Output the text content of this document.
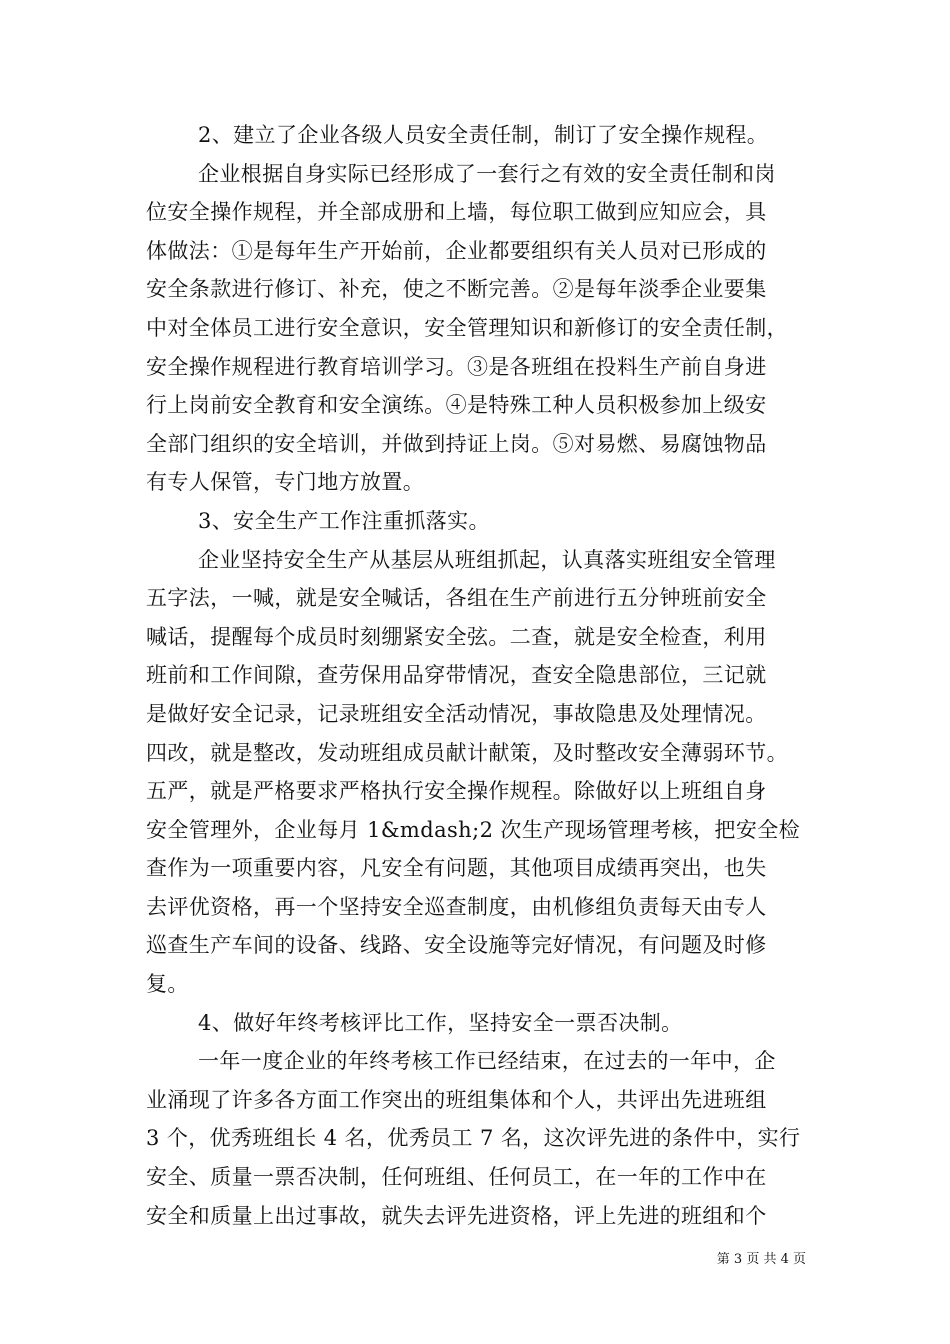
2、建立了企业各级人员安全责任制，制订了安全操作规程。
企业根据自身实际已经形成了一套行之有效的安全责任制和岗
位安全操作规程，并全部成册和上墙，每位职工做到应知应会，具
体做法：①是每年生产开始前，企业都要组织有关人员对已形成的
安全条款进行修订、补充，使之不断完善。②是每年淡季企业要集
中对全体员工进行安全意识，安全管理知识和新修订的安全责任制，
安全操作规程进行教育培训学习。③是各班组在投料生产前自身进
行上岗前安全教育和安全演练。④是特殊工种人员积极参加上级安
全部门组织的安全培训，并做到持证上岗。⑤对易燃、易腐蚀物品
有专人保管，专门地方放置。
3、安全生产工作注重抓落实。
企业坚持安全生产从基层从班组抓起，认真落实班组安全管理
五字法，一喊，就是安全喊话，各组在生产前进行五分钟班前安全
喊话，提醒每个成员时刻绷紧安全弦。二查，就是安全检查，利用
班前和工作间隙，查劳保用品穿带情况，查安全隐患部位，三记就
是做好安全记录，记录班组安全活动情况，事故隐患及处理情况。
四改，就是整改，发动班组成员献计献策，及时整改安全薄弱环节。
五严，就是严格要求严格执行安全操作规程。除做好以上班组自身
安全管理外，企业每月 1&mdash;2 次生产现场管理考核，把安全检
查作为一项重要内容，凡安全有问题，其他项目成绩再突出，也失
去评优资格，再一个坚持安全巡查制度，由机修组负责每天由专人
巡查生产车间的设备、线路、安全设施等完好情况，有问题及时修
复。
4、做好年终考核评比工作，坚持安全一票否决制。
一年一度企业的年终考核工作已经结束，在过去的一年中，企
业涌现了许多各方面工作突出的班组集体和个人，共评出先进班组
3 个，优秀班组长 4 名，优秀员工 7 名，这次评先进的条件中，实行
安全、质量一票否决制，任何班组、任何员工，在一年的工作中在
安全和质量上出过事故，就失去评先进资格，评上先进的班组和个
第 3 页 共 4 页
